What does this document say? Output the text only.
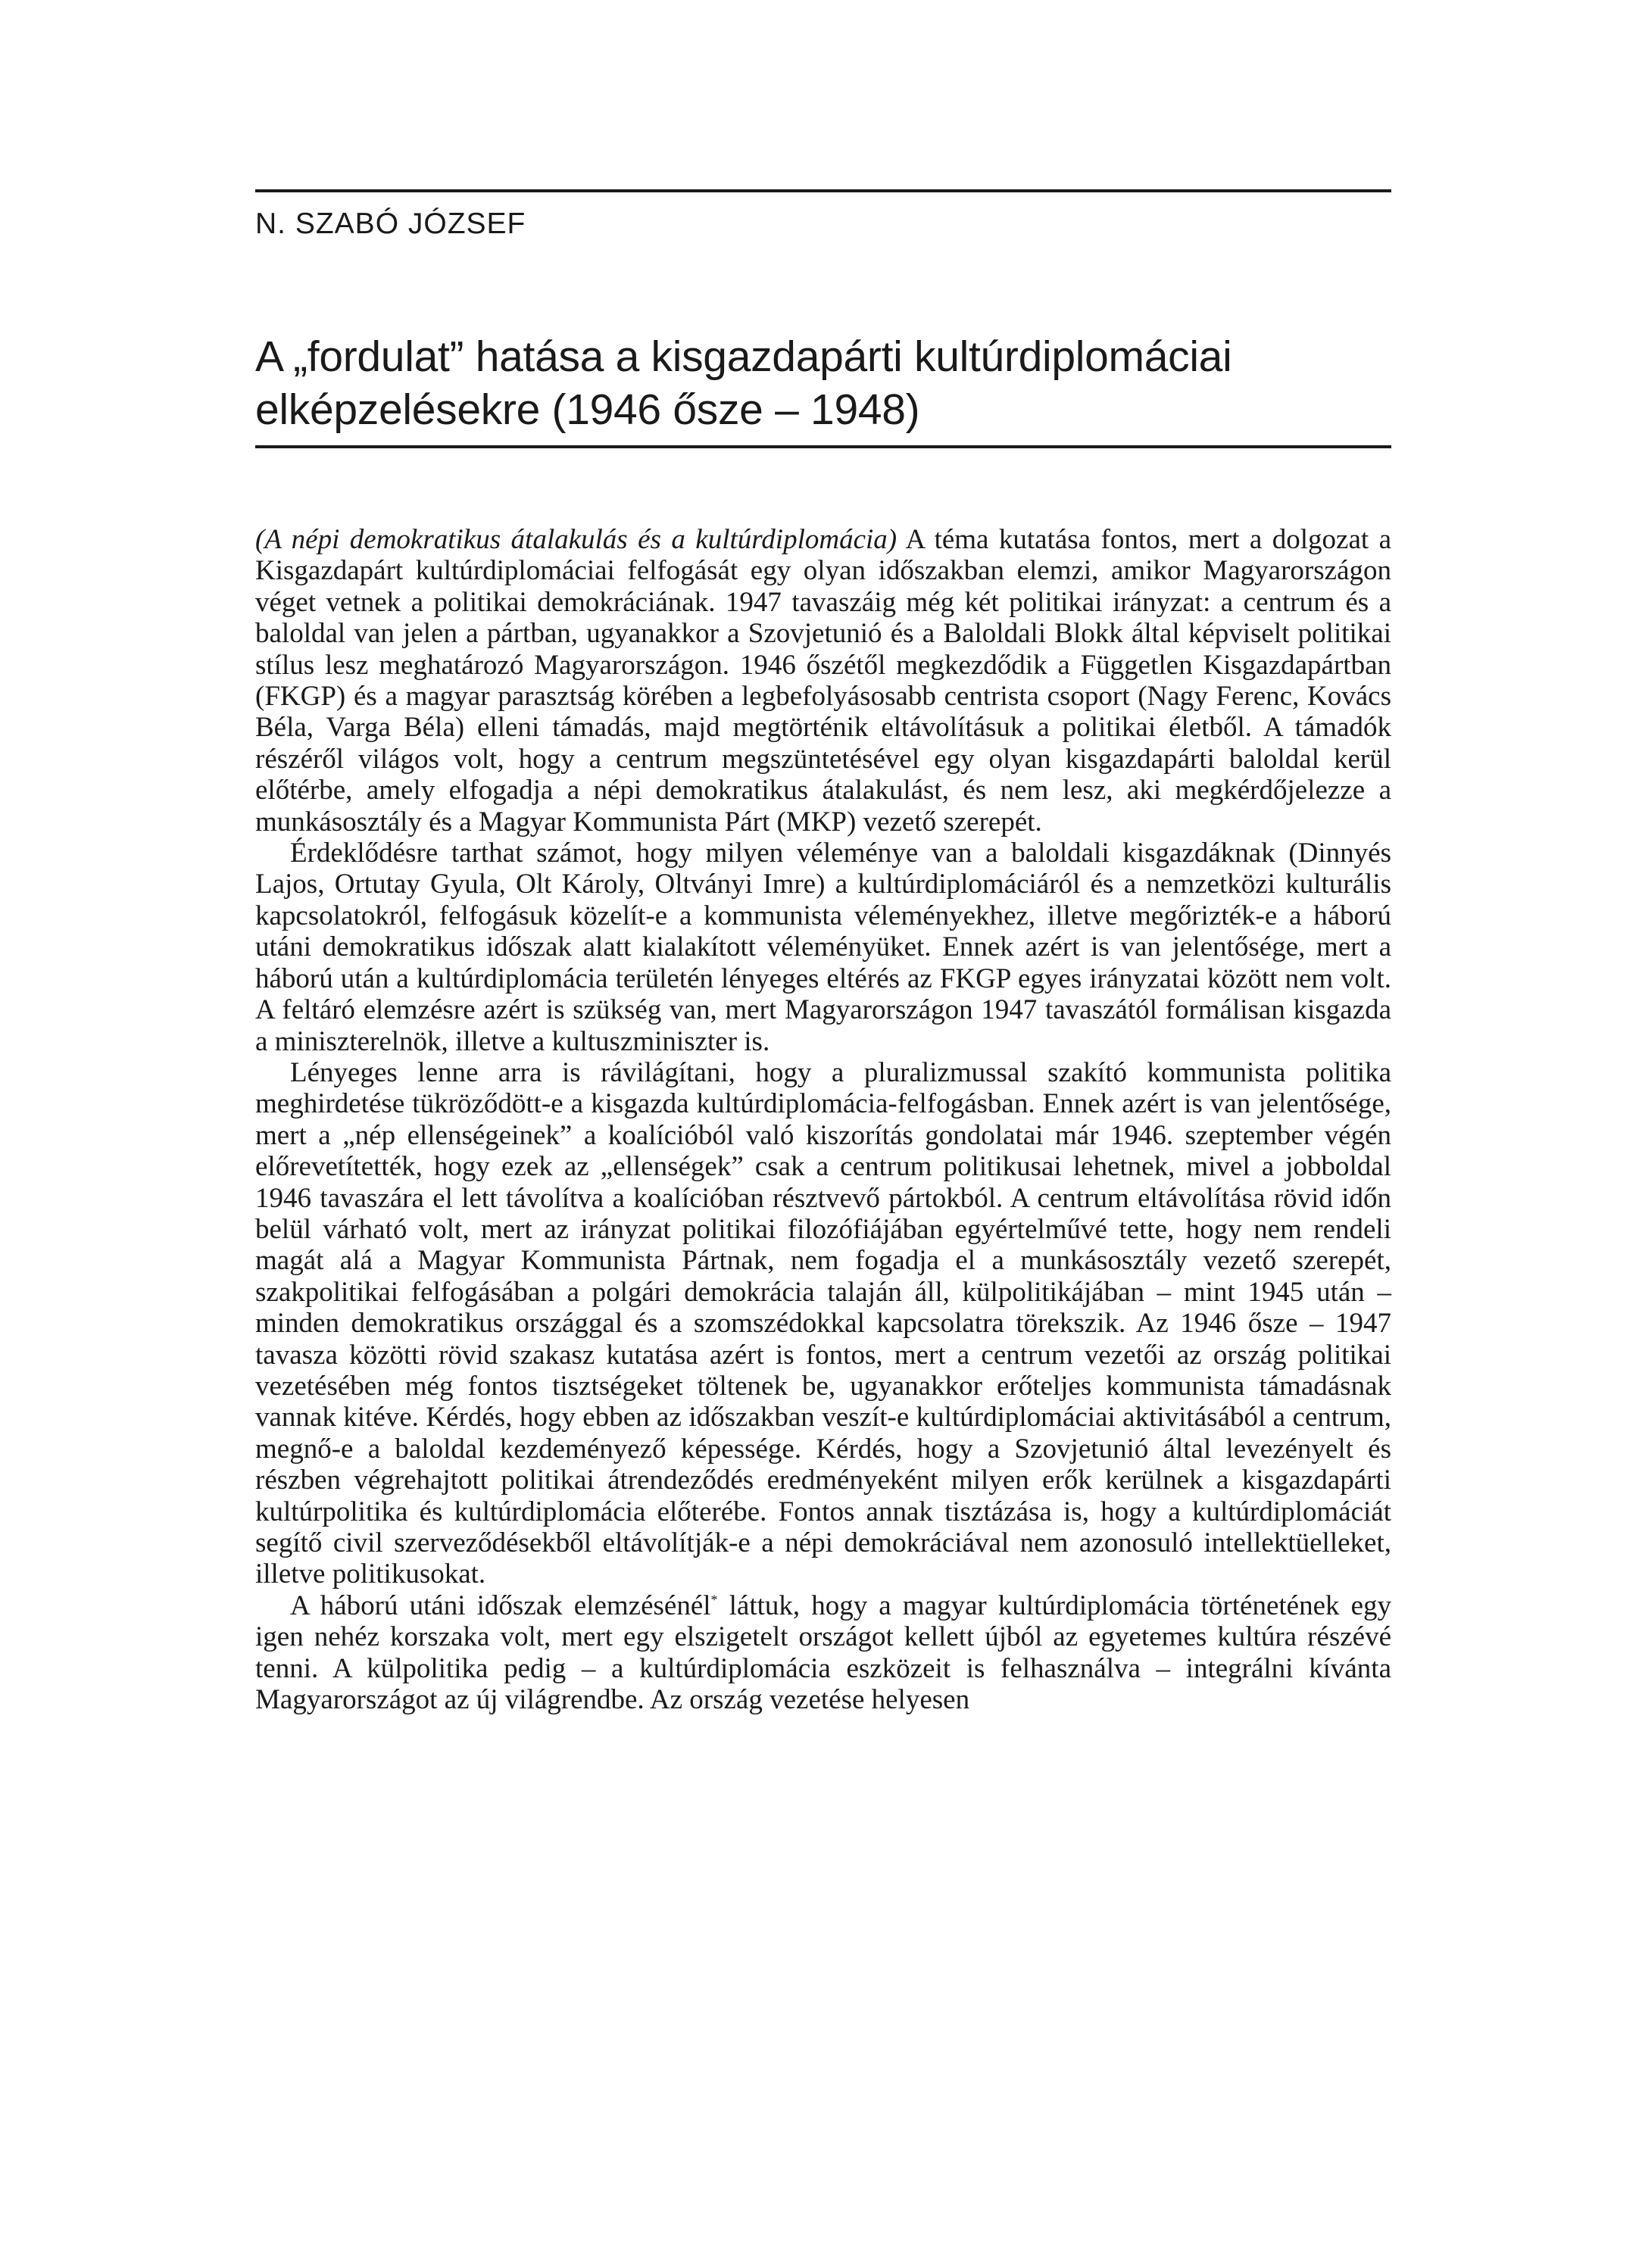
N. SZABÓ JÓZSEF

A „fordulat” hatása a kisgazdapárti kultúrdiplomáciai elképzelésekre (1946 ősze – 1948)

(A népi demokratikus átalakulás és a kultúrdiplomácia) A téma kutatása fontos, mert a dolgozat a Kisgazdapárt kultúrdiplomáciai felfogását egy olyan időszakban elemzi, amikor Magyarországon véget vetnek a politikai demokráciának. 1947 tavaszáig még két politikai irányzat: a centrum és a baloldal van jelen a pártban, ugyanakkor a Szovjetunió és a Baloldali Blokk által képviselt politikai stílus lesz meghatározó Magyarországon. 1946 őszétől megkezdődik a Független Kisgazdapártban (FKGP) és a magyar parasztság körében a legbefolyásosabb centrista csoport (Nagy Ferenc, Kovács Béla, Varga Béla) elleni támadás, majd megtörténik eltávolításuk a politikai életből. A támadók részéről világos volt, hogy a centrum megszüntetésével egy olyan kisgazdapárti baloldal kerül előtérbe, amely elfogadja a népi demokratikus átalakulást, és nem lesz, aki megkérdőjelezze a munkásosztály és a Magyar Kommunista Párt (MKP) vezető szerepét.

Érdeklődésre tarthat számot, hogy milyen véleménye van a baloldali kisgazdáknak (Dinnyés Lajos, Ortutay Gyula, Olt Károly, Oltványi Imre) a kultúrdiplomáciáról és a nemzetközi kulturális kapcsolatokról, felfogásuk közelít-e a kommunista véleményekhez, illetve megőrizték-e a háború utáni demokratikus időszak alatt kialakított véleményüket. Ennek azért is van jelentősége, mert a háború után a kultúrdiplomácia területén lényeges eltérés az FKGP egyes irányzatai között nem volt. A feltáró elemzésre azért is szükség van, mert Magyarországon 1947 tavaszától formálisan kisgazda a miniszterelnök, illetve a kultuszminiszter is.

Lényeges lenne arra is rávilágítani, hogy a pluralizmussal szakító kommunista politika meghirdetése tükröződött-e a kisgazda kultúrdiplomácia-felfogásban. Ennek azért is van jelentősége, mert a „nép ellenségeinek” a koalícióból való kiszorítás gondolatai már 1946. szeptember végén előrevetítették, hogy ezek az „ellenségek” csak a centrum politikusai lehetnek, mivel a jobboldal 1946 tavaszára el lett távolítva a koalícióban résztvevő pártokból. A centrum eltávolítása rövid időn belül várható volt, mert az irányzat politikai filozófiájában egyértelművé tette, hogy nem rendeli magát alá a Magyar Kommunista Pártnak, nem fogadja el a munkásosztály vezető szerepét, szakpolitikai felfogásában a polgári demokrácia talaján áll, külpolitikájában – mint 1945 után – minden demokratikus országgal és a szomszédokkal kapcsolatra törekszik. Az 1946 ősze – 1947 tavasza közötti rövid szakasz kutatása azért is fontos, mert a centrum vezetői az ország politikai vezetésében még fontos tisztségeket töltenek be, ugyanakkor erőteljes kommunista támadásnak vannak kitéve. Kérdés, hogy ebben az időszakban veszít-e kultúrdiplomáciai aktivitásából a centrum, megnő-e a baloldal kezdeményező képessége. Kérdés, hogy a Szovjetunió által levezényelt és részben végrehajtott politikai átrendeződés eredményeként milyen erők kerülnek a kisgazdapárti kultúrpolitika és kultúrdiplomácia előterébe. Fontos annak tisztázása is, hogy a kultúrdiplomáciát segítő civil szerveződésekből eltávolítják-e a népi demokráciával nem azonosuló intellektüelleket, illetve politikusokat.

A háború utáni időszak elemzésénél* láttuk, hogy a magyar kultúrdiplomácia történetének egy igen nehéz korszaka volt, mert egy elszigetelt országot kellett újból az egyetemes kultúra részévé tenni. A külpolitika pedig – a kultúrdiplomácia eszközeit is felhasználva – integrálni kívánta Magyarországot az új világrendbe. Az ország vezetése helyesen
